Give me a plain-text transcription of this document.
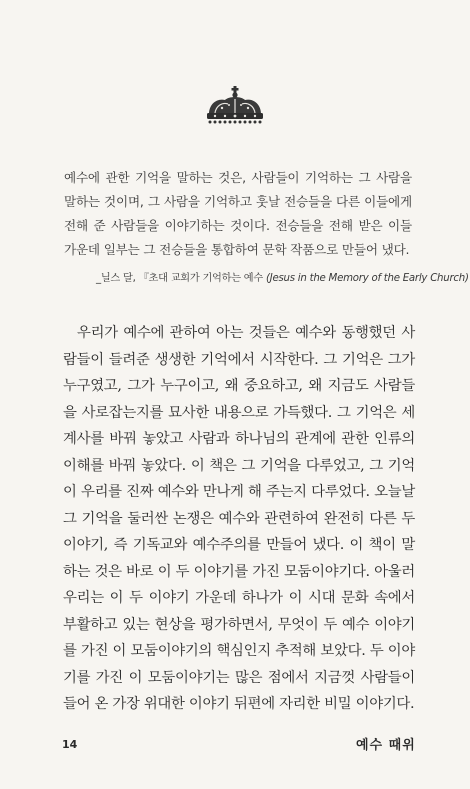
예수에 관한 기억을 말하는 것은, 사람들이 기억하는 그 사람을 말하는 것이며, 그 사람을 기억하고 훗날 전승들을 다른 이들에게 전해 준 사람들을 이야기하는 것이다. 전승들을 전해 받은 이들 가운데 일부는 그 전승들을 통합하여 문학 작품으로 만들어 냈다.

_닐스 달, 『초대 교회가 기억하는 예수 (Jesus in the Memory of the Early Church)

우리가 예수에 관하여 아는 것들은 예수와 동행했던 사람들이 들려준 생생한 기억에서 시작한다. 그 기억은 그가 누구였고, 그가 누구이고, 왜 중요하고, 왜 지금도 사람들을 사로잡는지를 묘사한 내용으로 가득했다. 그 기억은 세계사를 바꿔 놓았고 사람과 하나님의 관계에 관한 인류의 이해를 바꿔 놓았다. 이 책은 그 기억을 다루었고, 그 기억이 우리를 진짜 예수와 만나게 해 주는지 다루었다. 오늘날 그 기억을 둘러싼 논쟁은 예수와 관련하여 완전히 다른 두 이야기, 즉 기독교와 예수주의를 만들어 냈다. 이 책이 말하는 것은 바로 이 두 이야기를 가진 모둠이야기다. 아울러 우리는 이 두 이야기 가운데 하나가 이 시대 문화 속에서 부활하고 있는 현상을 평가하면서, 무엇이 두 예수 이야기를 가진 이 모둠이야기의 핵심인지 추적해 보았다. 두 이야기를 가진 이 모둠이야기는 많은 점에서 지금껏 사람들이 들어 온 가장 위대한 이야기 뒤편에 자리한 비밀 이야기다.

14	예수 때위
